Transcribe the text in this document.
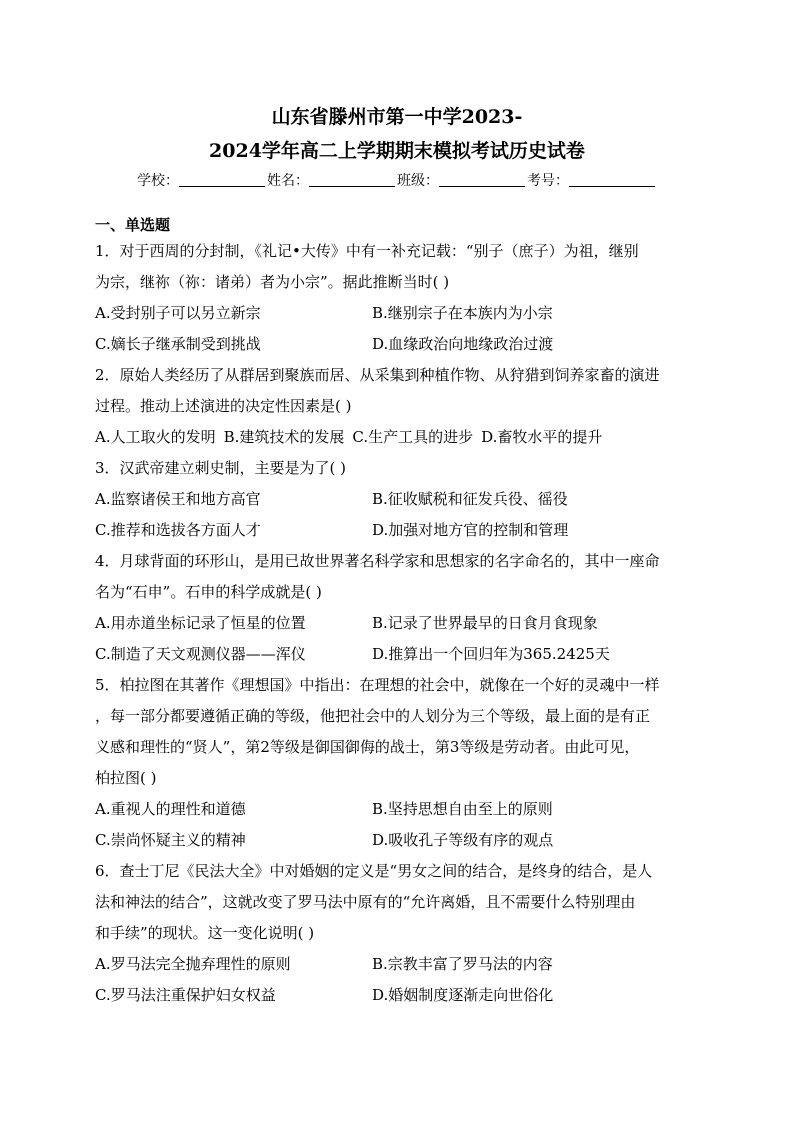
山东省滕州市第一中学2023-
2024学年高二上学期期末模拟考试历史试卷
学校：	姓名：	班级：	考号：
一、单选题
1．对于西周的分封制，《礼记•大传》中有一补充记载：“别子（庶子）为祖，继别
为宗，继祢（祢：诸弟）者为小宗”。据此推断当时( )
A.受封别子可以另立新宗	B.继别宗子在本族内为小宗
C.嫡长子继承制受到挑战	D.血缘政治向地缘政治过渡
2．原始人类经历了从群居到聚族而居、从采集到种植作物、从狩猎到饲养家畜的演进
过程。推动上述演进的决定性因素是( )
A.人工取火的发明 B.建筑技术的发展 C.生产工具的进步 D.畜牧水平的提升
3．汉武帝建立刺史制，主要是为了( )
A.监察诸侯王和地方高官	B.征收赋税和征发兵役、徭役
C.推荐和选拔各方面人才	D.加强对地方官的控制和管理
4．月球背面的环形山，是用已故世界著名科学家和思想家的名字命名的，其中一座命
名为“石申”。石申的科学成就是( )
A.用赤道坐标记录了恒星的位置	B.记录了世界最早的日食月食现象
C.制造了天文观测仪器——浑仪	D.推算出一个回归年为365.2425天
5．柏拉图在其著作《理想国》中指出：在理想的社会中，就像在一个好的灵魂中一样
，每一部分都要遵循正确的等级，他把社会中的人划分为三个等级，最上面的是有正
义感和理性的“贤人”，第2等级是御国御侮的战士，第3等级是劳动者。由此可见，
柏拉图( )
A.重视人的理性和道德	B.坚持思想自由至上的原则
C.崇尚怀疑主义的精神	D.吸收孔子等级有序的观点
6．查士丁尼《民法大全》中对婚姻的定义是“男女之间的结合，是终身的结合，是人
法和神法的结合”，这就改变了罗马法中原有的“允许离婚，且不需要什么特别理由
和手续”的现状。这一变化说明( )
A.罗马法完全抛弃理性的原则	B.宗教丰富了罗马法的内容
C.罗马法注重保护妇女权益	D.婚姻制度逐渐走向世俗化
